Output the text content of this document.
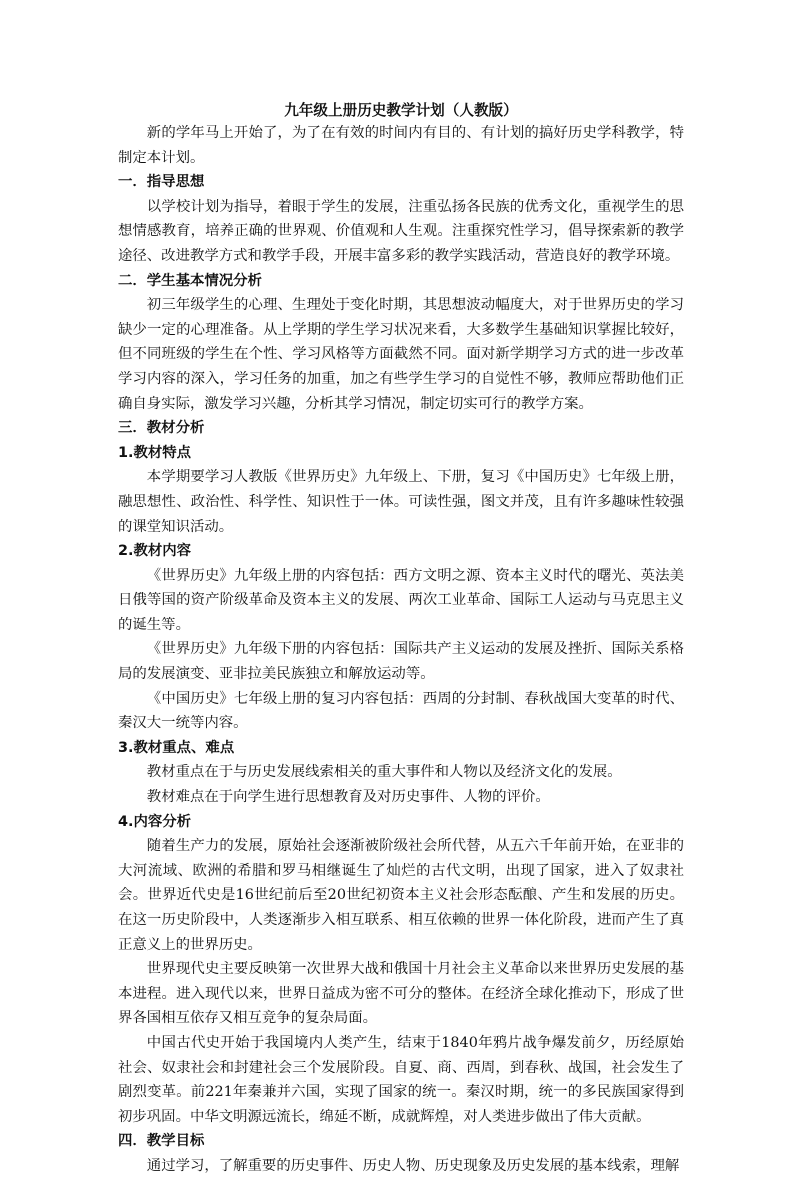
九年级上册历史教学计划（人教版）

新的学年马上开始了，为了在有效的时间内有目的、有计划的搞好历史学科教学，特制定本计划。

一．指导思想

以学校计划为指导，着眼于学生的发展，注重弘扬各民族的优秀文化，重视学生的思想情感教育，培养正确的世界观、价值观和人生观。注重探究性学习，倡导探索新的教学途径、改进教学方式和教学手段，开展丰富多彩的教学实践活动，营造良好的教学环境。

二．学生基本情况分析

初三年级学生的心理、生理处于变化时期，其思想波动幅度大，对于世界历史的学习缺少一定的心理准备。从上学期的学生学习状况来看，大多数学生基础知识掌握比较好，但不同班级的学生在个性、学习风格等方面截然不同。面对新学期学习方式的进一步改革学习内容的深入，学习任务的加重，加之有些学生学习的自觉性不够，教师应帮助他们正确自身实际，激发学习兴趣，分析其学习情况，制定切实可行的教学方案。

三．教材分析
1.教材特点

本学期要学习人教版《世界历史》九年级上、下册，复习《中国历史》七年级上册，融思想性、政治性、科学性、知识性于一体。可读性强，图文并茂，且有许多趣味性较强的课堂知识活动。

2.教材内容

《世界历史》九年级上册的内容包括：西方文明之源、资本主义时代的曙光、英法美日俄等国的资产阶级革命及资本主义的发展、两次工业革命、国际工人运动与马克思主义的诞生等。

《世界历史》九年级下册的内容包括：国际共产主义运动的发展及挫折、国际关系格局的发展演变、亚非拉美民族独立和解放运动等。

《中国历史》七年级上册的复习内容包括：西周的分封制、春秋战国大变革的时代、秦汉大一统等内容。

3.教材重点、难点

教材重点在于与历史发展线索相关的重大事件和人物以及经济文化的发展。

教材难点在于向学生进行思想教育及对历史事件、人物的评价。

4.内容分析

随着生产力的发展，原始社会逐渐被阶级社会所代替，从五六千年前开始，在亚非的大河流域、欧洲的希腊和罗马相继诞生了灿烂的古代文明，出现了国家，进入了奴隶社会。世界近代史是16世纪前后至20世纪初资本主义社会形态酝酿、产生和发展的历史。在这一历史阶段中，人类逐渐步入相互联系、相互依赖的世界一体化阶段，进而产生了真正意义上的世界历史。

世界现代史主要反映第一次世界大战和俄国十月社会主义革命以来世界历史发展的基本进程。进入现代以来，世界日益成为密不可分的整体。在经济全球化推动下，形成了世界各国相互依存又相互竞争的复杂局面。

中国古代史开始于我国境内人类产生，结束于1840年鸦片战争爆发前夕，历经原始社会、奴隶社会和封建社会三个发展阶段。自夏、商、西周，到春秋、战国，社会发生了剧烈变革。前221年秦兼并六国，实现了国家的统一。秦汉时期，统一的多民族国家得到初步巩固。中华文明源远流长，绵延不断，成就辉煌，对人类进步做出了伟大贡献。

四．教学目标

通过学习，了解重要的历史事件、历史人物、历史现象及历史发展的基本线索，理解
